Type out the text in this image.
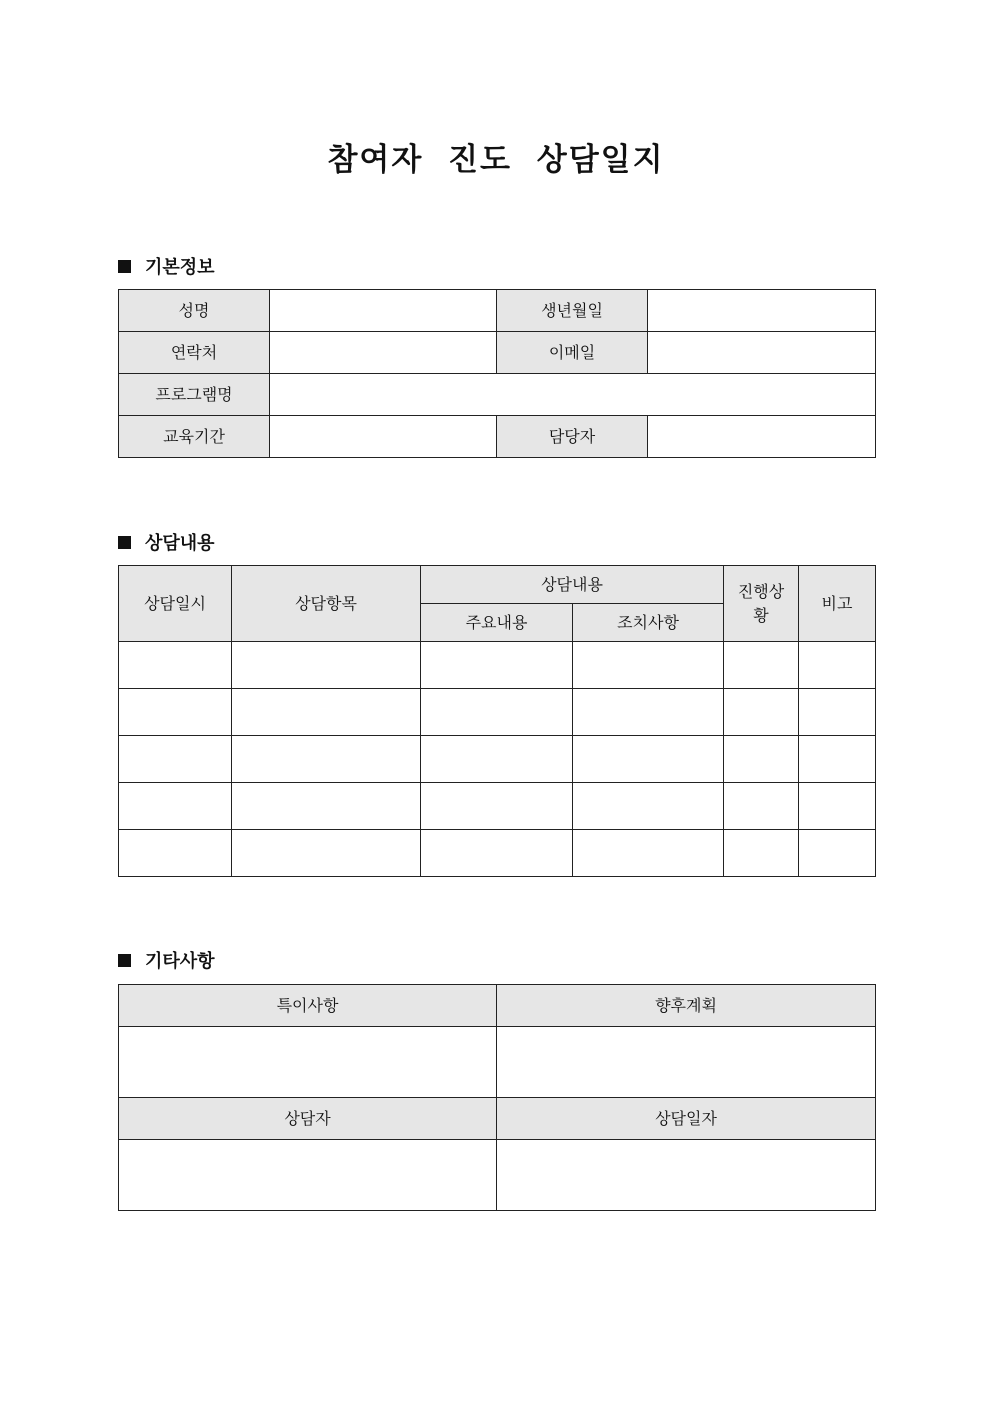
참여자 진도 상담일지
기본정보
성명		생년월일	
연락처		이메일	
프로그램명			
교육기간		담당자	
상담내용
상담일시	상담항목	상담내용		진행상황	비고
		주요내용	조치사항		

기타사항
특이사항	향후계획

상담자	상담일자
